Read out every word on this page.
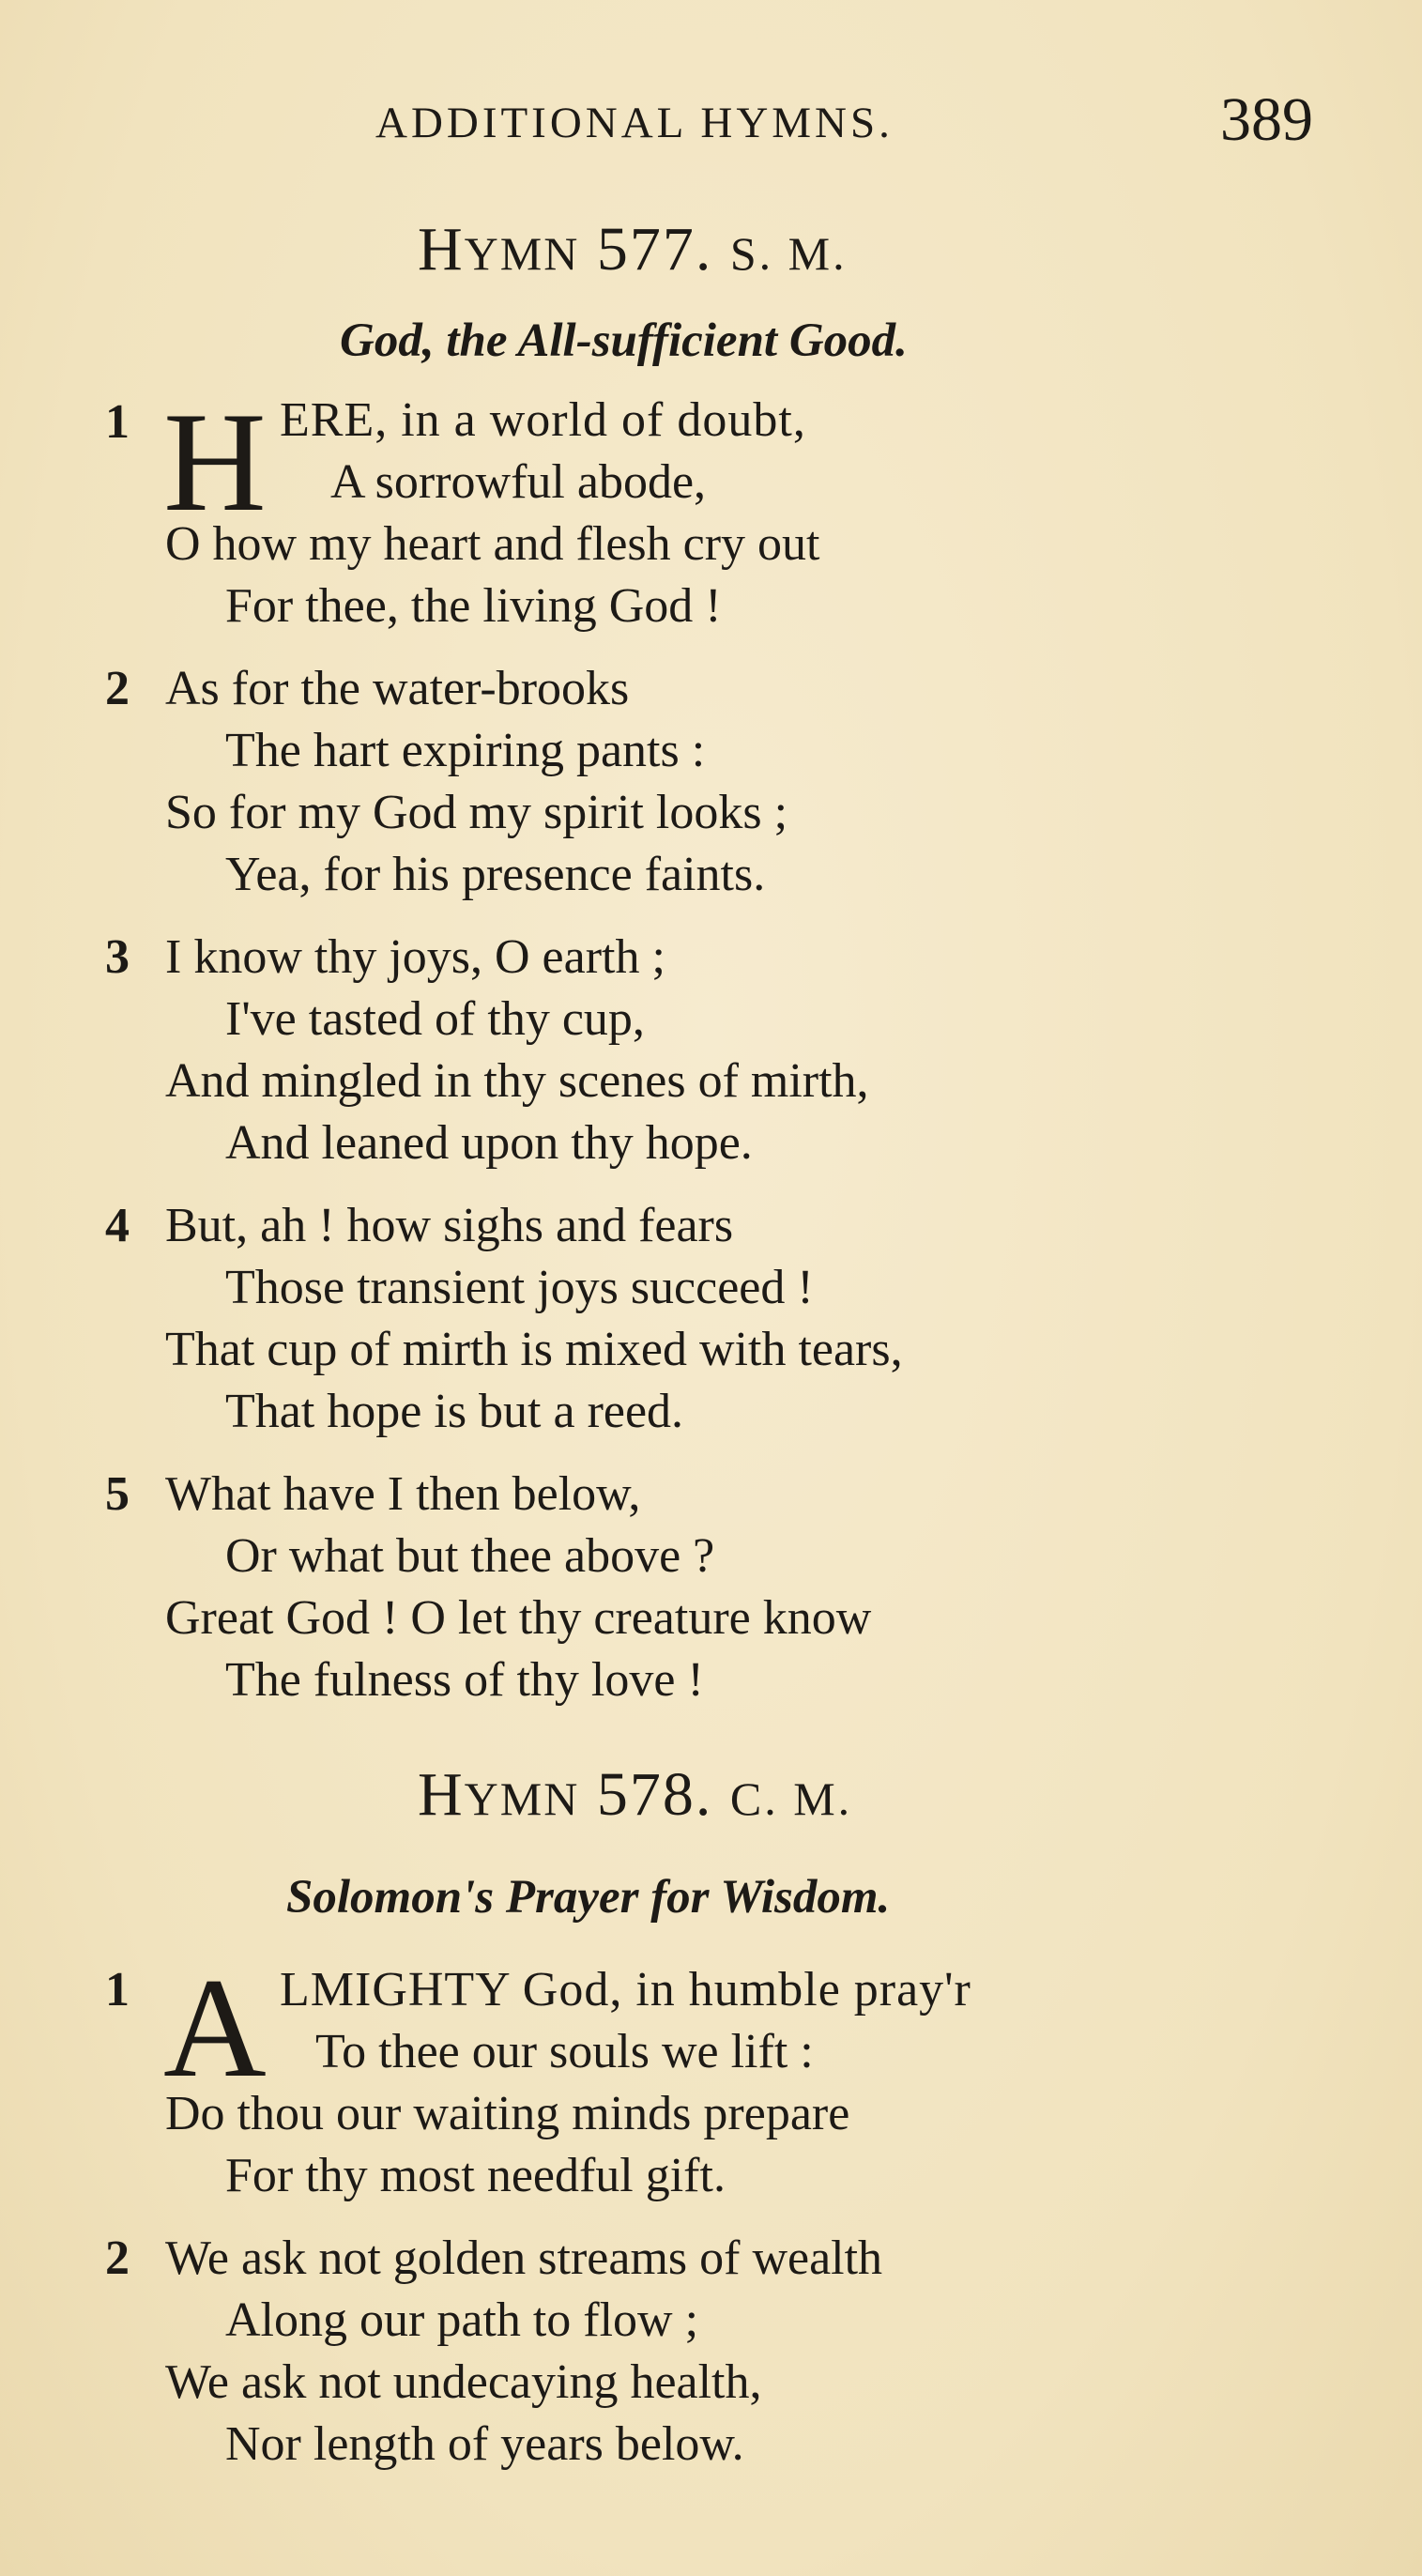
ADDITIONAL HYMNS.	389
HYMN 577. S. M.
God, the All-sufficient Good.
1 H ERE, in a world of doubt,
A sorrowful abode,
O how my heart and flesh cry out
For thee, the living God !
2 As for the water-brooks
The hart expiring pants :
So for my God my spirit looks ;
Yea, for his presence faints.
3 I know thy joys, O earth ;
I've tasted of thy cup,
And mingled in thy scenes of mirth,
And leaned upon thy hope.
4 But, ah ! how sighs and fears
Those transient joys succeed !
That cup of mirth is mixed with tears,
That hope is but a reed.
5 What have I then below,
Or what but thee above ?
Great God ! O let thy creature know
The fulness of thy love !
HYMN 578. C. M.
Solomon's Prayer for Wisdom.
1 A LMIGHTY God, in humble pray'r
To thee our souls we lift :
Do thou our waiting minds prepare
For thy most needful gift.
2 We ask not golden streams of wealth
Along our path to flow ;
We ask not undecaying health,
Nor length of years below.
